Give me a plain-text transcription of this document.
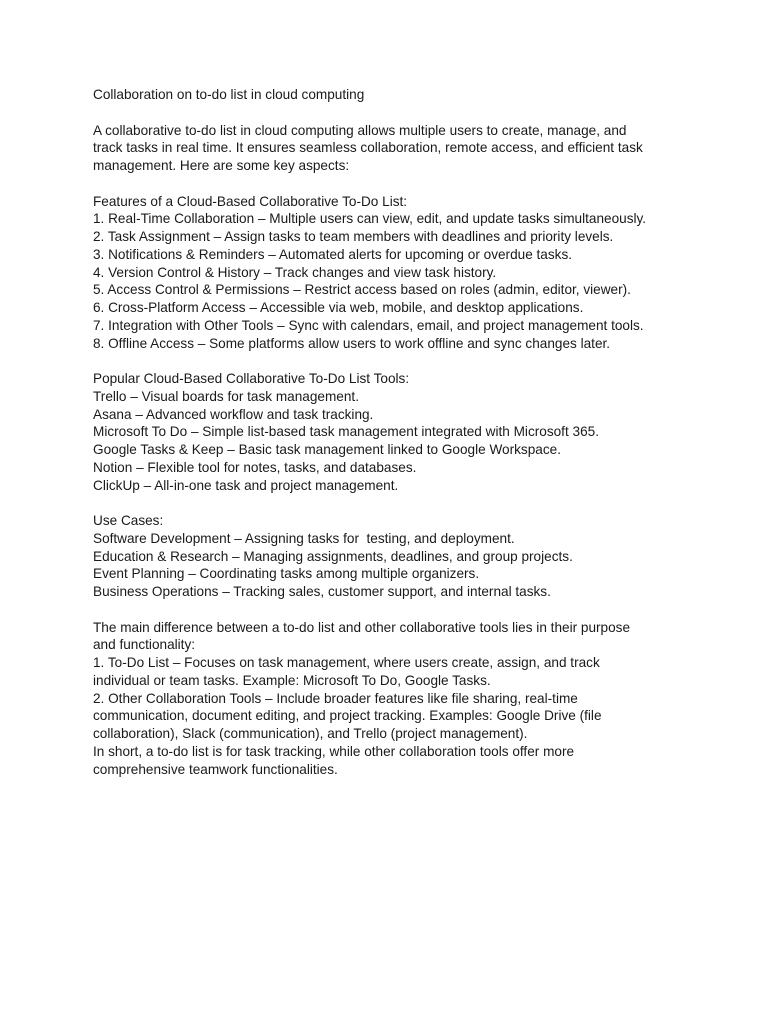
Collaboration on to-do list in cloud computing
A collaborative to-do list in cloud computing allows multiple users to create, manage, and
track tasks in real time. It ensures seamless collaboration, remote access, and efficient task
management. Here are some key aspects:
Features of a Cloud-Based Collaborative To-Do List:
1. Real-Time Collaboration – Multiple users can view, edit, and update tasks simultaneously.
2. Task Assignment – Assign tasks to team members with deadlines and priority levels.
3. Notifications & Reminders – Automated alerts for upcoming or overdue tasks.
4. Version Control & History – Track changes and view task history.
5. Access Control & Permissions – Restrict access based on roles (admin, editor, viewer).
6. Cross-Platform Access – Accessible via web, mobile, and desktop applications.
7. Integration with Other Tools – Sync with calendars, email, and project management tools.
8. Offline Access – Some platforms allow users to work offline and sync changes later.
Popular Cloud-Based Collaborative To-Do List Tools:
Trello – Visual boards for task management.
Asana – Advanced workflow and task tracking.
Microsoft To Do – Simple list-based task management integrated with Microsoft 365.
Google Tasks & Keep – Basic task management linked to Google Workspace.
Notion – Flexible tool for notes, tasks, and databases.
ClickUp – All-in-one task and project management.
Use Cases:
Software Development – Assigning tasks for  testing, and deployment.
Education & Research – Managing assignments, deadlines, and group projects.
Event Planning – Coordinating tasks among multiple organizers.
Business Operations – Tracking sales, customer support, and internal tasks.
The main difference between a to-do list and other collaborative tools lies in their purpose
and functionality:
1. To-Do List – Focuses on task management, where users create, assign, and track
individual or team tasks. Example: Microsoft To Do, Google Tasks.
2. Other Collaboration Tools – Include broader features like file sharing, real-time
communication, document editing, and project tracking. Examples: Google Drive (file
collaboration), Slack (communication), and Trello (project management).
In short, a to-do list is for task tracking, while other collaboration tools offer more
comprehensive teamwork functionalities.
